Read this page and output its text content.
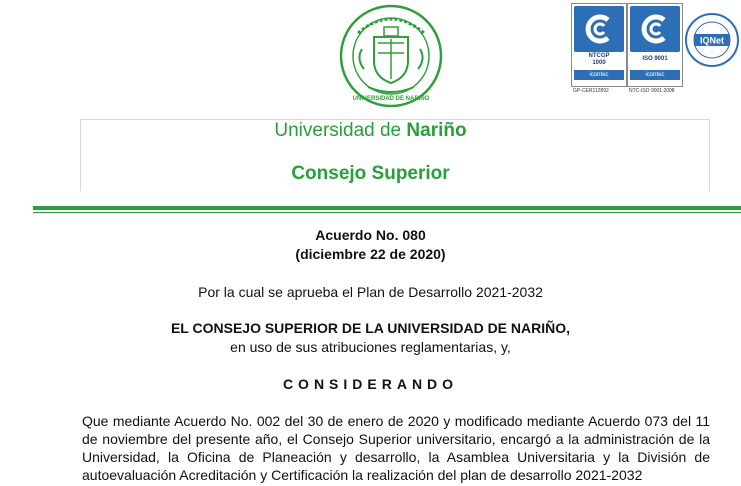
UNIVERSIDAD DE NARIÑO
NTCGP
1000
icontec
GP-CER112892
ISO 9001
icontec
NTC-ISO 9001:2008
IQNet
Universidad de Nariño
Consejo Superior
Acuerdo No. 080
(diciembre 22 de 2020)
Por la cual se aprueba el Plan de Desarrollo 2021-2032
EL CONSEJO SUPERIOR DE LA UNIVERSIDAD DE NARIÑO,
en uso de sus atribuciones reglamentarias, y,
CONSIDERANDO
Que mediante Acuerdo No. 002 del 30 de enero de 2020 y modificado mediante Acuerdo 073 del 11 de noviembre del presente año, el Consejo Superior universitario, encargó a la administración de la Universidad, la Oficina de Planeación y desarrollo, la Asamblea Universitaria y la División de autoevaluación Acreditación y Certificación la realización del plan de desarrollo 2021-2032
